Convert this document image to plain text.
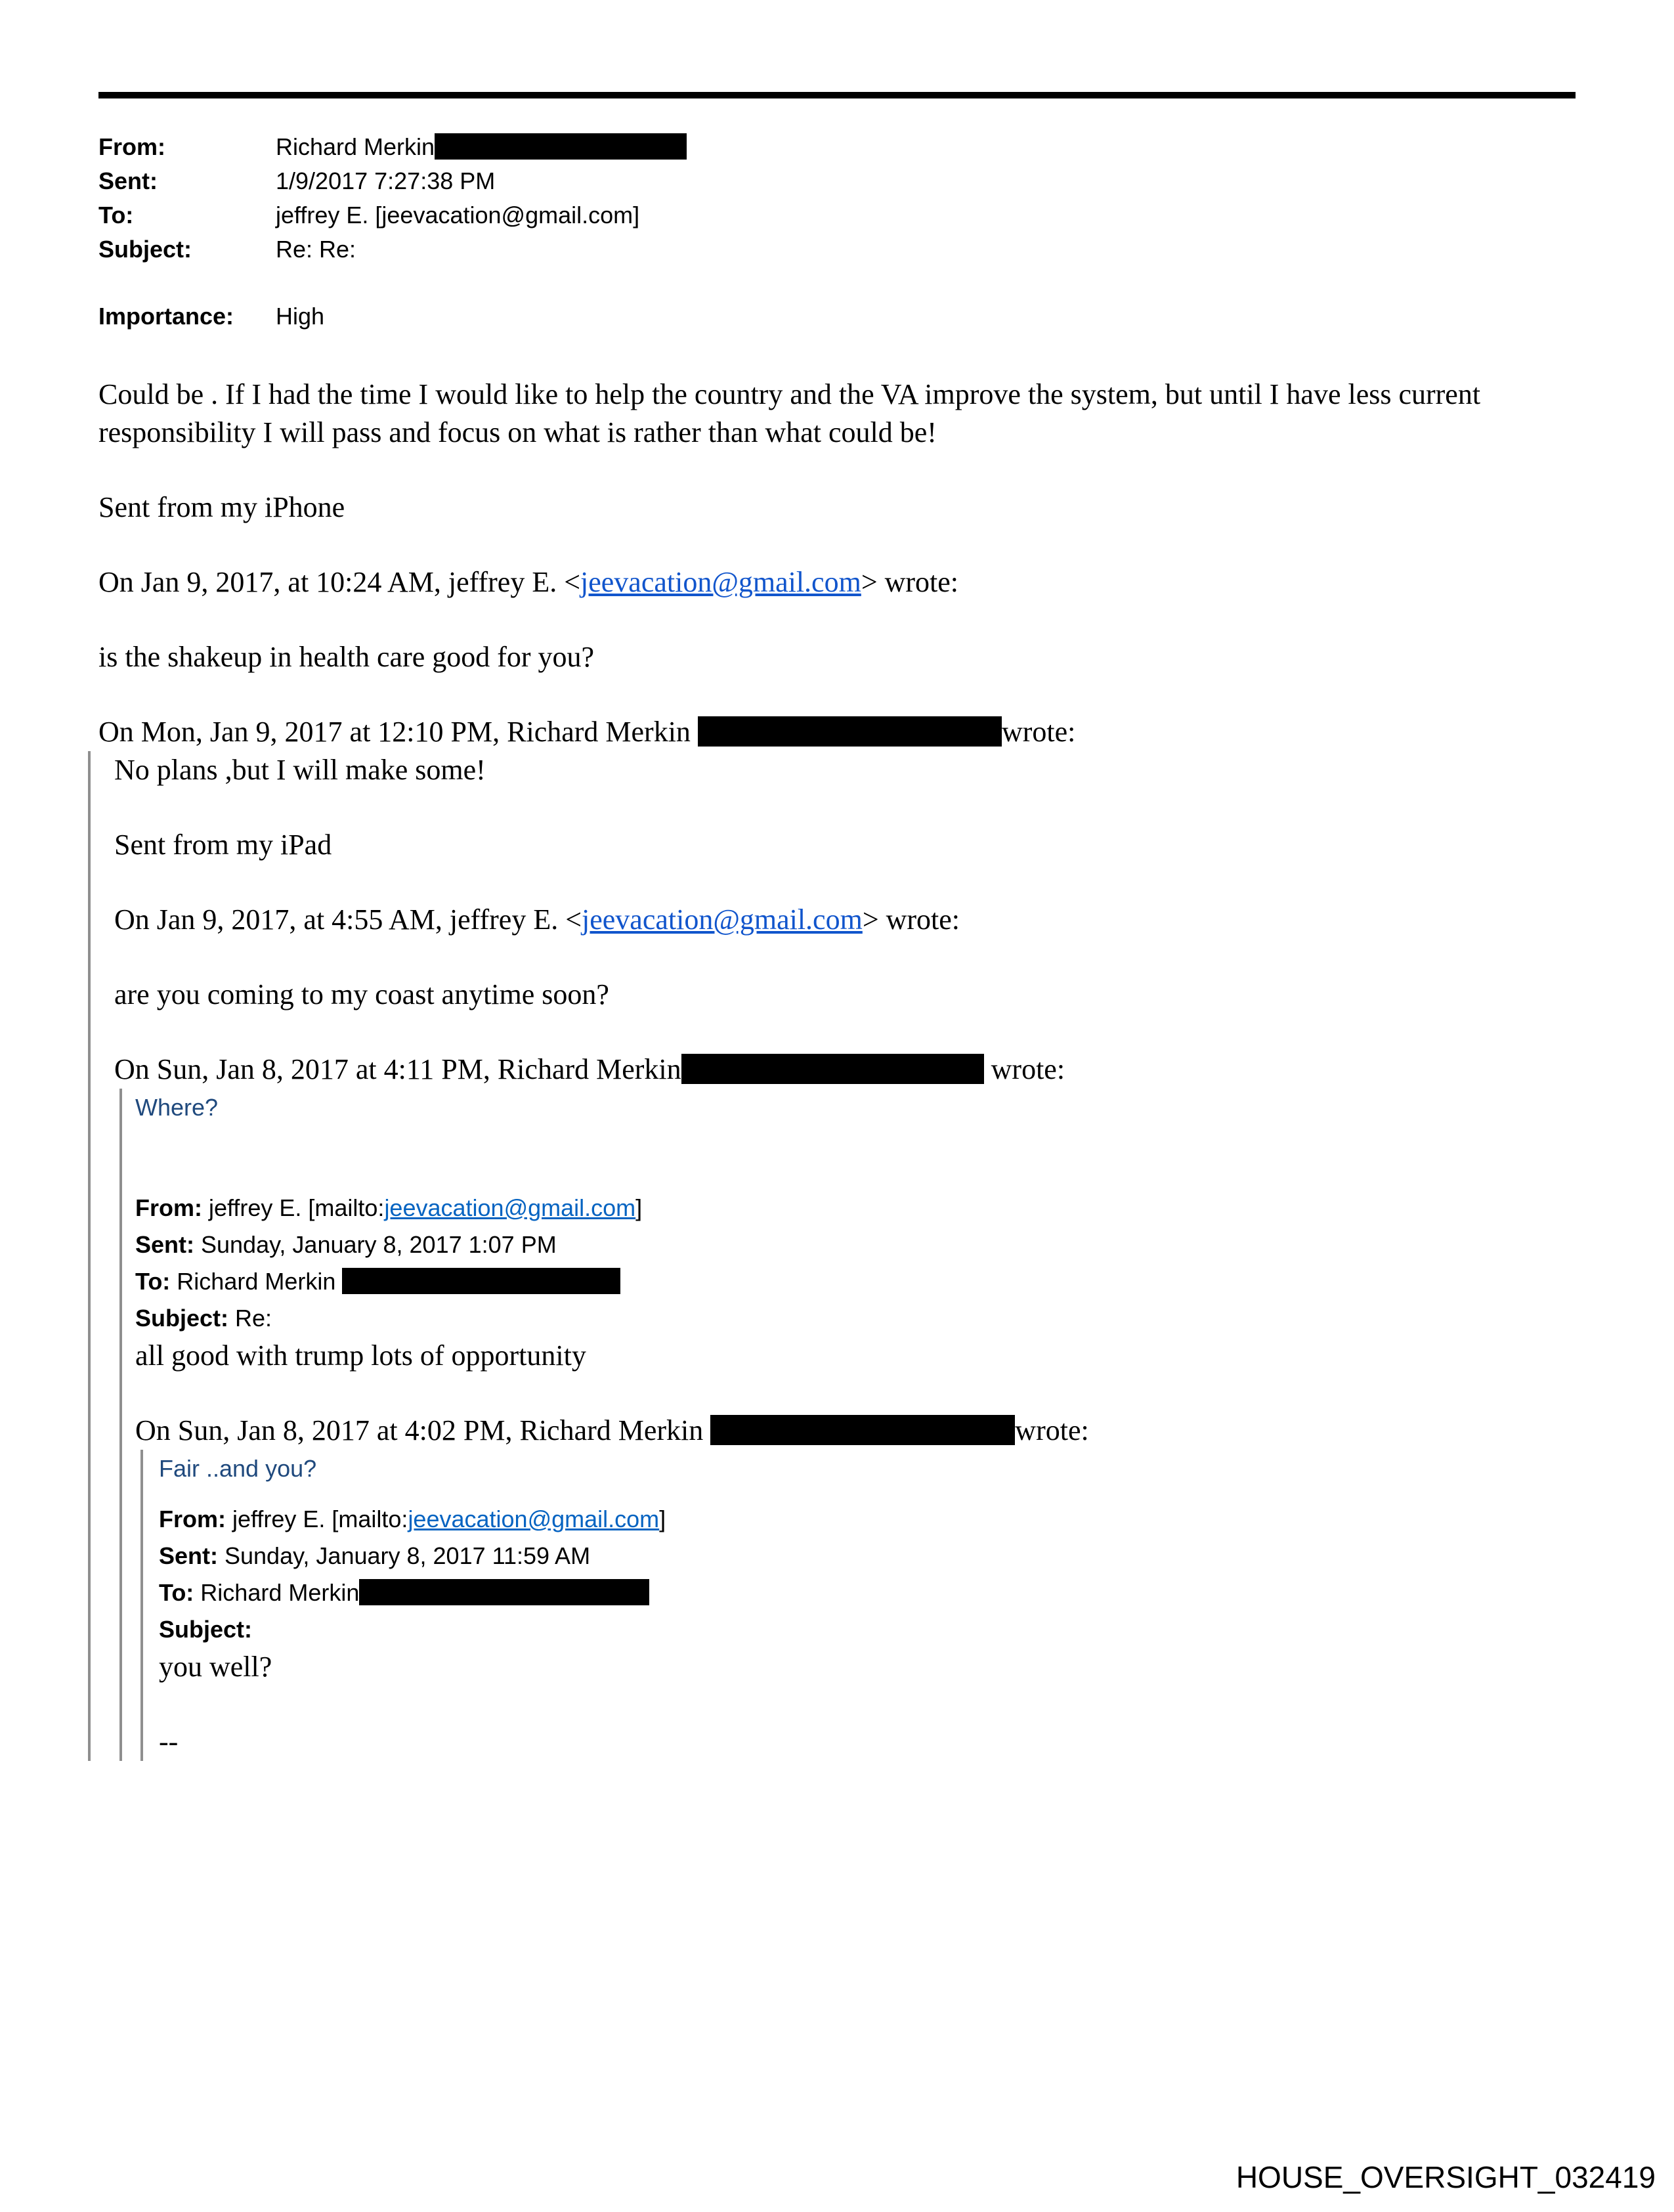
From:	Richard Merkin
Sent:	1/9/2017 7:27:38 PM
To:	jeffrey E. [jeevacation@gmail.com]
Subject:	Re: Re:
Importance:	High

Could be . If I had the time I would like to help the country and the VA improve the system, but until I have less current responsibility I will pass and focus on what is rather than what could be!

Sent from my iPhone

On Jan 9, 2017, at 10:24 AM, jeffrey E. <jeevacation@gmail.com> wrote:

is the shakeup in health care good for you?

On Mon, Jan 9, 2017 at 12:10 PM, Richard Merkin	wrote:

No plans ,but I will make some!

Sent from my iPad

On Jan 9, 2017, at 4:55 AM, jeffrey E. <jeevacation@gmail.com> wrote:

are you coming to my coast anytime soon?

On Sun, Jan 8, 2017 at 4:11 PM, Richard Merkin	wrote:

Where?

From: jeffrey E. [mailto:jeevacation@gmail.com]

Sent: Sunday, January 8, 2017 1:07 PM

To: Richard Merkin

Subject: Re:

all good with trump lots of opportunity

On Sun, Jan 8, 2017 at 4:02 PM, Richard Merkin	wrote:

Fair ..and you?

From: jeffrey E. [mailto:jeevacation@gmail.com]

Sent: Sunday, January 8, 2017 11:59 AM

To: Richard Merkin

Subject:

you well?

--

HOUSE_OVERSIGHT_032419
